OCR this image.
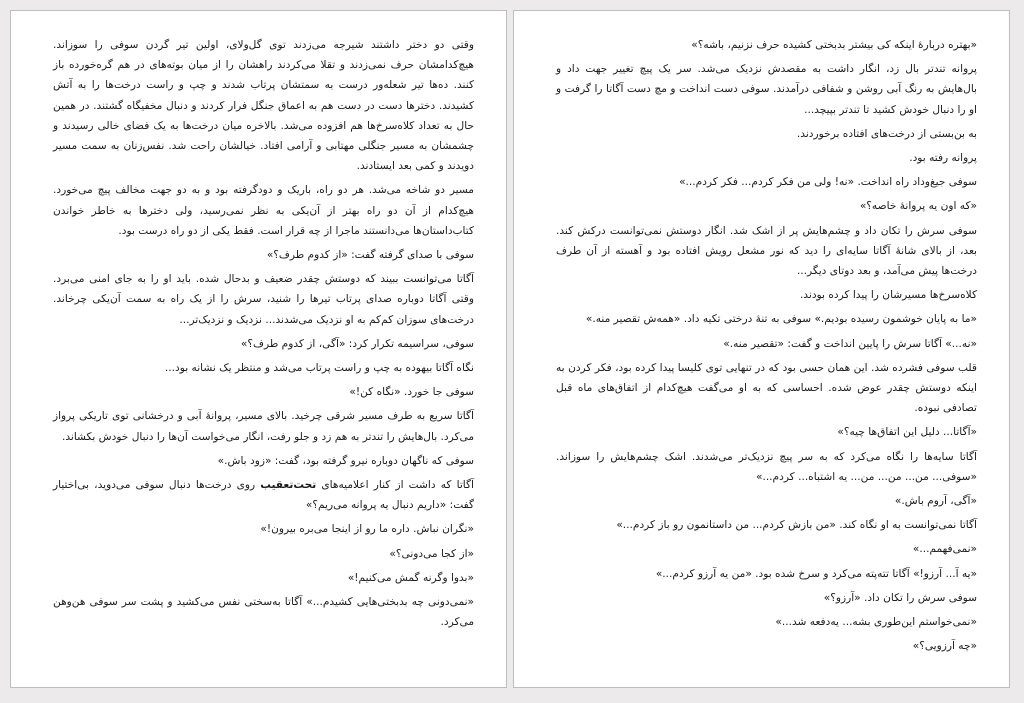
وقتی دو دختر داشتند شیرجه می‌زدند توی گل‌ولای، اولین تیر گردن سوفی را سوزاند. هیچ‌کدامشان حرف نمی‌زدند و تقلا می‌کردند راهشان را از میان بوته‌های در هم گره‌خورده باز کنند. ده‌ها تیر شعله‌ور درست به سمتشان پرتاب شدند و چپ و راست درخت‌ها را به آتش کشیدند. دخترها دست در دست هم به اعماق جنگل فرار کردند و دنبال مخفیگاه گشتند. در همین حال به تعداد کلاه‌سرخ‌ها هم افزوده می‌شد. بالاخره میان درخت‌ها به یک فضای خالی رسیدند و چشمشان به مسیر جنگلی مهتابی و آرامی افتاد. خیالشان راحت شد. نفس‌زنان به سمت مسیر دویدند و کمی بعد ایستادند.

مسیر دو شاخه می‌شد. هر دو راه، باریک و دودگرفته بود و به دو جهت مخالف پیچ می‌خورد. هیچ‌کدام از آن دو راه بهتر از آن‌یکی به نظر نمی‌رسید، ولی دخترها به خاطر خواندن کتاب‌داستان‌ها می‌دانستند ماجرا از چه قرار است. فقط یکی از دو راه درست بود.

سوفی با صدای گرفته گفت: «از کدوم طرف؟»

آگاتا می‌توانست ببیند که دوستش چقدر ضعیف و بدحال شده. باید او را به جای امنی می‌برد. وقتی آگاتا دوباره صدای پرتاب تیرها را شنید، سرش را از یک راه به سمت آن‌یکی چرخاند. درخت‌های سوزان کم‌کم به او نزدیک می‌شدند... نزدیک و نزدیک‌تر...

سوفی، سراسیمه تکرار کرد: «آگی، از کدوم طرف؟»

نگاه آگاتا بیهوده به چپ و راست پرتاب می‌شد و منتظر یک نشانه بود...

سوفی جا خورد. «نگاه کن!»

آگاتا سریع به طرف مسیر شرقی چرخید. بالای مسیر، پروانهٔ آبی و درخشانی توی تاریکی پرواز می‌کرد. بال‌هایش را تندتر به هم زد و جلو رفت، انگار می‌خواست آن‌ها را دنبال خودش بکشاند.

سوفی که ناگهان دوباره نیرو گرفته بود، گفت: «زود باش.»

آگاتا که داشت از کنار اعلامیه‌های تحت‌تعقیب روی درخت‌ها دنبال سوفی می‌دوید، بی‌اختیار گفت: «داریم دنبال یه پروانه می‌ریم؟»

«نگران نباش. داره ما رو از اینجا می‌بره بیرون!»

«از کجا می‌دونی؟»

«بدوا وگرنه گمش می‌کنیم!»

«نمی‌دونی چه بدبختی‌هایی کشیدم...» آگاتا به‌سختی نفس می‌کشید و پشت سر سوفی هن‌وهن می‌کرد.

«بهتره دربارهٔ اینکه کی بیشتر بدبختی کشیده حرف نزنیم، باشه؟»

پروانه تندتر بال زد، انگار داشت به مقصدش نزدیک می‌شد. سر یک پیچ تغییر جهت داد و بال‌هایش به رنگ آبی روشن و شفافی درآمدند. سوفی دست انداخت و مچ دست آگاتا را گرفت و او را دنبال خودش کشید تا تندتر بپیچد...

به بن‌بستی از درخت‌های افتاده برخوردند.

پروانه رفته بود.

سوفی جیغ‌وداد راه انداخت. «نه! ولی من فکر کردم... فکر کردم...»

«که اون یه پروانهٔ خاصه؟»

سوفی سرش را تکان داد و چشم‌هایش پر از اشک شد. انگار دوستش نمی‌توانست درکش کند. بعد، از بالای شانهٔ آگاتا سایه‌ای را دید که نور مشعل رویش افتاده بود و آهسته از آن طرف درخت‌ها پیش می‌آمد، و بعد دوتای دیگر...

کلاه‌سرخ‌ها مسیرشان را پیدا کرده بودند.

«ما به پایان خوشمون رسیده بودیم.» سوفی به تنهٔ درختی تکیه داد. «همه‌ش تقصیر منه.»

«نه...» آگاتا سرش را پایین انداخت و گفت: «تقصیر منه.»

قلب سوفی فشرده شد. این همان حسی بود که در تنهایی توی کلیسا پیدا کرده بود، فکر کردن به اینکه دوستش چقدر عوض شده. احساسی که به او می‌گفت هیچ‌کدام از اتفاق‌های ماه قبل تصادفی نبوده.

«آگاتا... دلیل این اتفاق‌ها چیه؟»

آگاتا سایه‌ها را نگاه می‌کرد که به سر پیچ نزدیک‌تر می‌شدند. اشک چشم‌هایش را سوزاند. «سوفی... من... من... من... یه اشتباه... کردم...»

«آگی، آروم باش.»

آگاتا نمی‌توانست به او نگاه کند. «من بازش کردم... من داستانمون رو باز کردم...»

«نمی‌فهمم...»

«یه آ... آرزو!» آگاتا تته‌پته می‌کرد و سرخ شده بود. «من یه آرزو کردم...»

سوفی سرش را تکان داد. «آرزو؟»

«نمی‌خواستم این‌طوری بشه... یه‌دفعه شد...»

«چه آرزویی؟»
